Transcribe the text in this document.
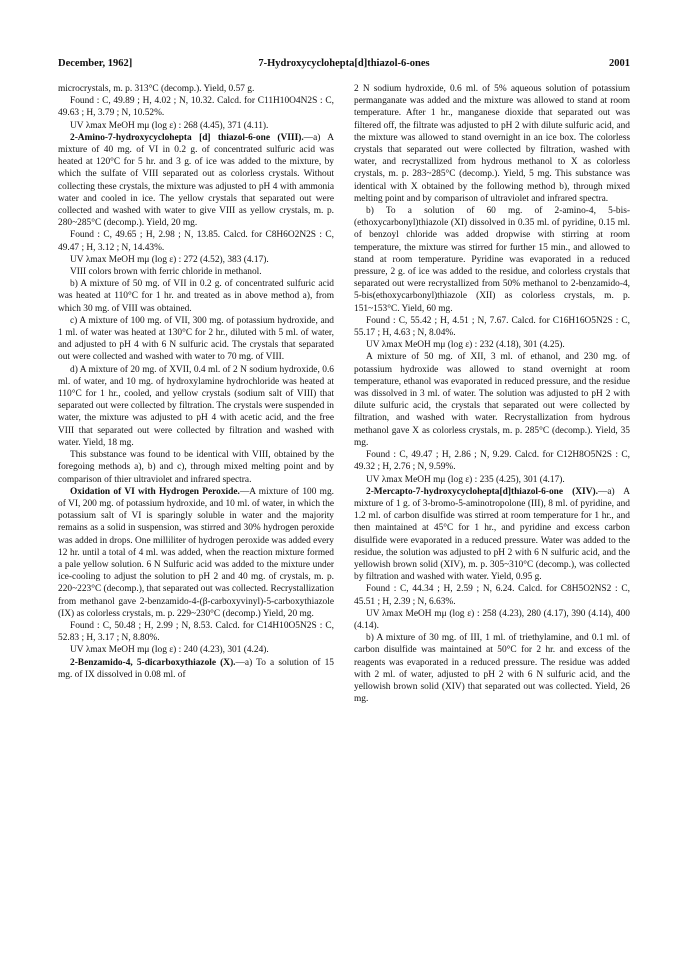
December, 1962]	7-Hydroxycyclohepta[d]thiazol-6-ones	2001

microcrystals, m. p. 313°C (decomp.). Yield, 0.57 g.

Found : C, 49.89 ; H, 4.02 ; N, 10.32. Calcd. for C11H10O4N2S : C, 49.63 ; H, 3.79 ; N, 10.52%.

UV λmax MeOH mμ (log ε) : 268 (4.45), 371 (4.11).

2-Amino-7-hydroxycyclohepta [d] thiazol-6-one (VIII).—a) A mixture of 40 mg. of VI in 0.2 g. of concentrated sulfuric acid was heated at 120°C for 5 hr. and 3 g. of ice was added to the mixture, by which the sulfate of VIII separated out as colorless crystals. Without collecting these crystals, the mixture was adjusted to pH 4 with ammonia water and cooled in ice. The yellow crystals that separated out were collected and washed with water to give VIII as yellow crystals, m. p. 280~285°C (decomp.). Yield, 20 mg.

Found : C, 49.65 ; H, 2.98 ; N, 13.85. Calcd. for C8H6O2N2S : C, 49.47 ; H, 3.12 ; N, 14.43%.

UV λmax MeOH mμ (log ε) : 272 (4.52), 383 (4.17).

VIII colors brown with ferric chloride in methanol.

b) A mixture of 50 mg. of VII in 0.2 g. of concentrated sulfuric acid was heated at 110°C for 1 hr. and treated as in above method a), from which 30 mg. of VIII was obtained.

c) A mixture of 100 mg. of VII, 300 mg. of potassium hydroxide, and 1 ml. of water was heated at 130°C for 2 hr., diluted with 5 ml. of water, and adjusted to pH 4 with 6 N sulfuric acid. The crystals that separated out were collected and washed with water to 70 mg. of VIII.

d) A mixture of 20 mg. of XVII, 0.4 ml. of 2 N sodium hydroxide, 0.6 ml. of water, and 10 mg. of hydroxylamine hydrochloride was heated at 110°C for 1 hr., cooled, and yellow crystals (sodium salt of VIII) that separated out were collected by filtration. The crystals were suspended in water, the mixture was adjusted to pH 4 with acetic acid, and the free VIII that separated out were collected by filtration and washed with water. Yield, 18 mg.

This substance was found to be identical with VIII, obtained by the foregoing methods a), b) and c), through mixed melting point and by comparison of thier ultraviolet and infrared spectra.

Oxidation of VI with Hydrogen Peroxide.—A mixture of 100 mg. of VI, 200 mg. of potassium hydroxide, and 10 ml. of water, in which the potassium salt of VI is sparingly soluble in water and the majority remains as a solid in suspension, was stirred and 30% hydrogen peroxide was added in drops. One milliliter of hydrogen peroxide was added every 12 hr. until a total of 4 ml. was added, when the reaction mixture formed a pale yellow solution. 6 N Sulfuric acid was added to the mixture under ice-cooling to adjust the solution to pH 2 and 40 mg. of crystals, m. p. 220~223°C (decomp.), that separated out was collected. Recrystallization from methanol gave 2-benzamido-4-(β-carboxyvinyl)-5-carboxythiazole (IX) as colorless crystals, m. p. 229~230°C (decomp.) Yield, 20 mg.

Found : C, 50.48 ; H, 2.99 ; N, 8.53. Calcd. for C14H10O5N2S : C, 52.83 ; H, 3.17 ; N, 8.80%.

UV λmax MeOH mμ (log ε) : 240 (4.23), 301 (4.24).

2-Benzamido-4, 5-dicarboxythiazole (X).—a) To a solution of 15 mg. of IX dissolved in 0.08 ml. of

2 N sodium hydroxide, 0.6 ml. of 5% aqueous solution of potassium permanganate was added and the mixture was allowed to stand at room temperature. After 1 hr., manganese dioxide that separated out was filtered off, the filtrate was adjusted to pH 2 with dilute sulfuric acid, and the mixture was allowed to stand overnight in an ice box. The colorless crystals that separated out were collected by filtration, washed with water, and recrystallized from hydrous methanol to X as colorless crystals, m. p. 283~285°C (decomp.). Yield, 5 mg. This substance was identical with X obtained by the following method b), through mixed melting point and by comparison of ultraviolet and infrared spectra.

b) To a solution of 60 mg. of 2-amino-4, 5-bis-(ethoxycarbonyl)thiazole (XI) dissolved in 0.35 ml. of pyridine, 0.15 ml. of benzoyl chloride was added dropwise with stirring at room temperature, the mixture was stirred for further 15 min., and allowed to stand at room temperature. Pyridine was evaporated in a reduced pressure, 2 g. of ice was added to the residue, and colorless crystals that separated out were recrystallized from 50% methanol to 2-benzamido-4, 5-bis(ethoxycarbonyl)thiazole (XII) as colorless crystals, m. p. 151~153°C. Yield, 60 mg.

Found : C, 55.42 ; H, 4.51 ; N, 7.67. Calcd. for C16H16O5N2S : C, 55.17 ; H, 4.63 ; N, 8.04%.

UV λmax MeOH mμ (log ε) : 232 (4.18), 301 (4.25).

A mixture of 50 mg. of XII, 3 ml. of ethanol, and 230 mg. of potassium hydroxide was allowed to stand overnight at room temperature, ethanol was evaporated in reduced pressure, and the residue was dissolved in 3 ml. of water. The solution was adjusted to pH 2 with dilute sulfuric acid, the crystals that separated out were collected by filtration, and washed with water. Recrystallization from hydrous methanol gave X as colorless crystals, m. p. 285°C (decomp.). Yield, 35 mg.

Found : C, 49.47 ; H, 2.86 ; N, 9.29. Calcd. for C12H8O5N2S : C, 49.32 ; H, 2.76 ; N, 9.59%.

UV λmax MeOH mμ (log ε) : 235 (4.25), 301 (4.17).

2-Mercapto-7-hydroxycyclohepta[d]thiazol-6-one (XIV).—a) A mixture of 1 g. of 3-bromo-5-aminotropolone (III), 8 ml. of pyridine, and 1.2 ml. of carbon disulfide was stirred at room temperature for 1 hr., and then maintained at 45°C for 1 hr., and pyridine and excess carbon disulfide were evaporated in a reduced pressure. Water was added to the residue, the solution was adjusted to pH 2 with 6 N sulfuric acid, and the yellowish brown solid (XIV), m. p. 305~310°C (decomp.), was collected by filtration and washed with water. Yield, 0.95 g.

Found : C, 44.34 ; H, 2.59 ; N, 6.24. Calcd. for C8H5O2NS2 : C, 45.51 ; H, 2.39 ; N, 6.63%.

UV λmax MeOH mμ (log ε) : 258 (4.23), 280 (4.17), 390 (4.14), 400 (4.14).

b) A mixture of 30 mg. of III, 1 ml. of triethylamine, and 0.1 ml. of carbon disulfide was maintained at 50°C for 2 hr. and excess of the reagents was evaporated in a reduced pressure. The residue was added with 2 ml. of water, adjusted to pH 2 with 6 N sulfuric acid, and the yellowish brown solid (XIV) that separated out was collected. Yield, 26 mg.
